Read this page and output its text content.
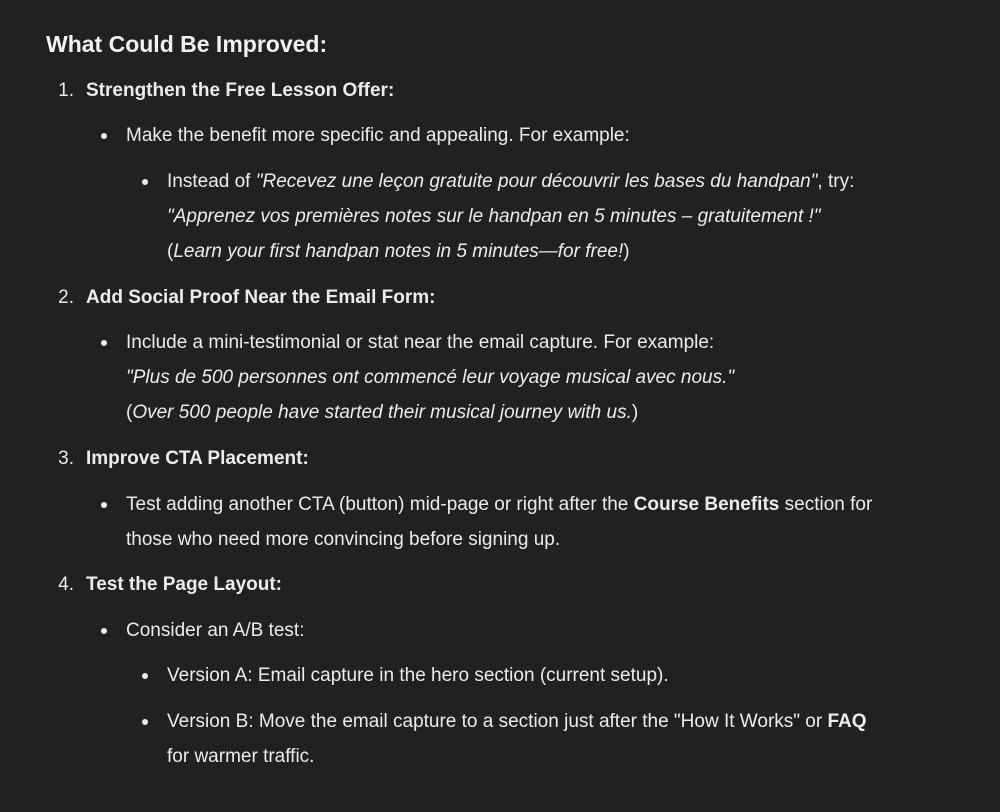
What Could Be Improved:
1. Strengthen the Free Lesson Offer:
Make the benefit more specific and appealing. For example:
Instead of "Recevez une leçon gratuite pour découvrir les bases du handpan", try:
"Apprenez vos premières notes sur le handpan en 5 minutes – gratuitement !"
(Learn your first handpan notes in 5 minutes—for free!)
2. Add Social Proof Near the Email Form:
Include a mini-testimonial or stat near the email capture. For example:
"Plus de 500 personnes ont commencé leur voyage musical avec nous."
(Over 500 people have started their musical journey with us.)
3. Improve CTA Placement:
Test adding another CTA (button) mid-page or right after the Course Benefits section for
those who need more convincing before signing up.
4. Test the Page Layout:
Consider an A/B test:
Version A: Email capture in the hero section (current setup).
Version B: Move the email capture to a section just after the "How It Works" or FAQ
for warmer traffic.
